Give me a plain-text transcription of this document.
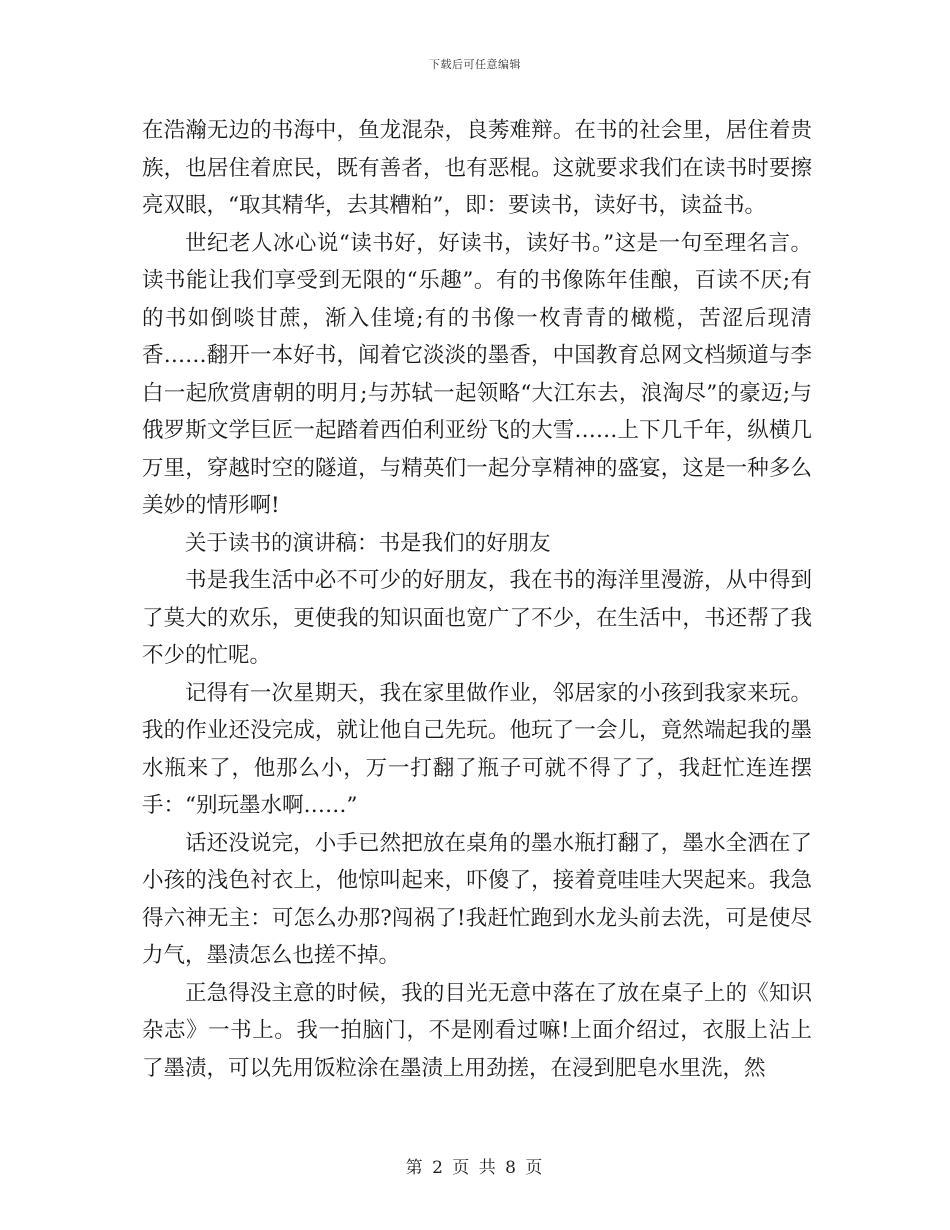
下载后可任意编辑

在浩瀚无边的书海中，鱼龙混杂，良莠难辩。在书的社会里，居住着贵族，也居住着庶民，既有善者，也有恶棍。这就要求我们在读书时要擦亮双眼，“取其精华，去其糟粕”，即：要读书，读好书，读益书。

世纪老人冰心说“读书好，好读书，读好书。”这是一句至理名言。读书能让我们享受到无限的“乐趣”。有的书像陈年佳酿，百读不厌;有的书如倒啖甘蔗，渐入佳境;有的书像一枚青青的橄榄，苦涩后现清香……翻开一本好书，闻着它淡淡的墨香，中国教育总网文档频道与李白一起欣赏唐朝的明月;与苏轼一起领略“大江东去，浪淘尽”的豪迈;与俄罗斯文学巨匠一起踏着西伯利亚纷飞的大雪……上下几千年，纵横几万里，穿越时空的隧道，与精英们一起分享精神的盛宴，这是一种多么美妙的情形啊!

关于读书的演讲稿：书是我们的好朋友

书是我生活中必不可少的好朋友，我在书的海洋里漫游，从中得到了莫大的欢乐，更使我的知识面也宽广了不少，在生活中，书还帮了我不少的忙呢。

记得有一次星期天，我在家里做作业，邻居家的小孩到我家来玩。我的作业还没完成，就让他自己先玩。他玩了一会儿，竟然端起我的墨水瓶来了，他那么小，万一打翻了瓶子可就不得了了，我赶忙连连摆手：“别玩墨水啊……”

话还没说完，小手已然把放在桌角的墨水瓶打翻了，墨水全洒在了小孩的浅色衬衣上，他惊叫起来，吓傻了，接着竟哇哇大哭起来。我急得六神无主：可怎么办那?闯祸了!我赶忙跑到水龙头前去洗，可是使尽力气，墨渍怎么也搓不掉。

正急得没主意的时候，我的目光无意中落在了放在桌子上的《知识杂志》一书上。我一拍脑门，不是刚看过嘛!上面介绍过，衣服上沾上了墨渍，可以先用饭粒涂在墨渍上用劲搓，在浸到肥皂水里洗，然

第 2 页 共 8 页
